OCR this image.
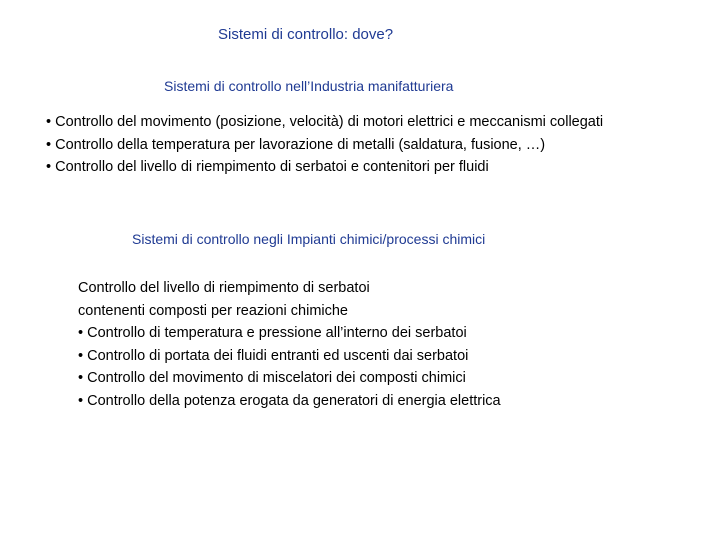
Sistemi di controllo: dove?
Sistemi di controllo nell’Industria manifatturiera
• Controllo del movimento (posizione, velocità) di motori elettrici e meccanismi collegati
• Controllo della temperatura per lavorazione di metalli (saldatura, fusione, …)
• Controllo del livello di riempimento di serbatoi e contenitori per fluidi
Sistemi di controllo negli Impianti chimici/processi chimici
Controllo del livello di riempimento di serbatoi
contenenti composti per reazioni chimiche
• Controllo di temperatura e pressione all’interno dei serbatoi
• Controllo di portata dei fluidi entranti ed uscenti dai serbatoi
• Controllo del movimento di miscelatori dei composti chimici
• Controllo della potenza erogata da generatori di energia elettrica
